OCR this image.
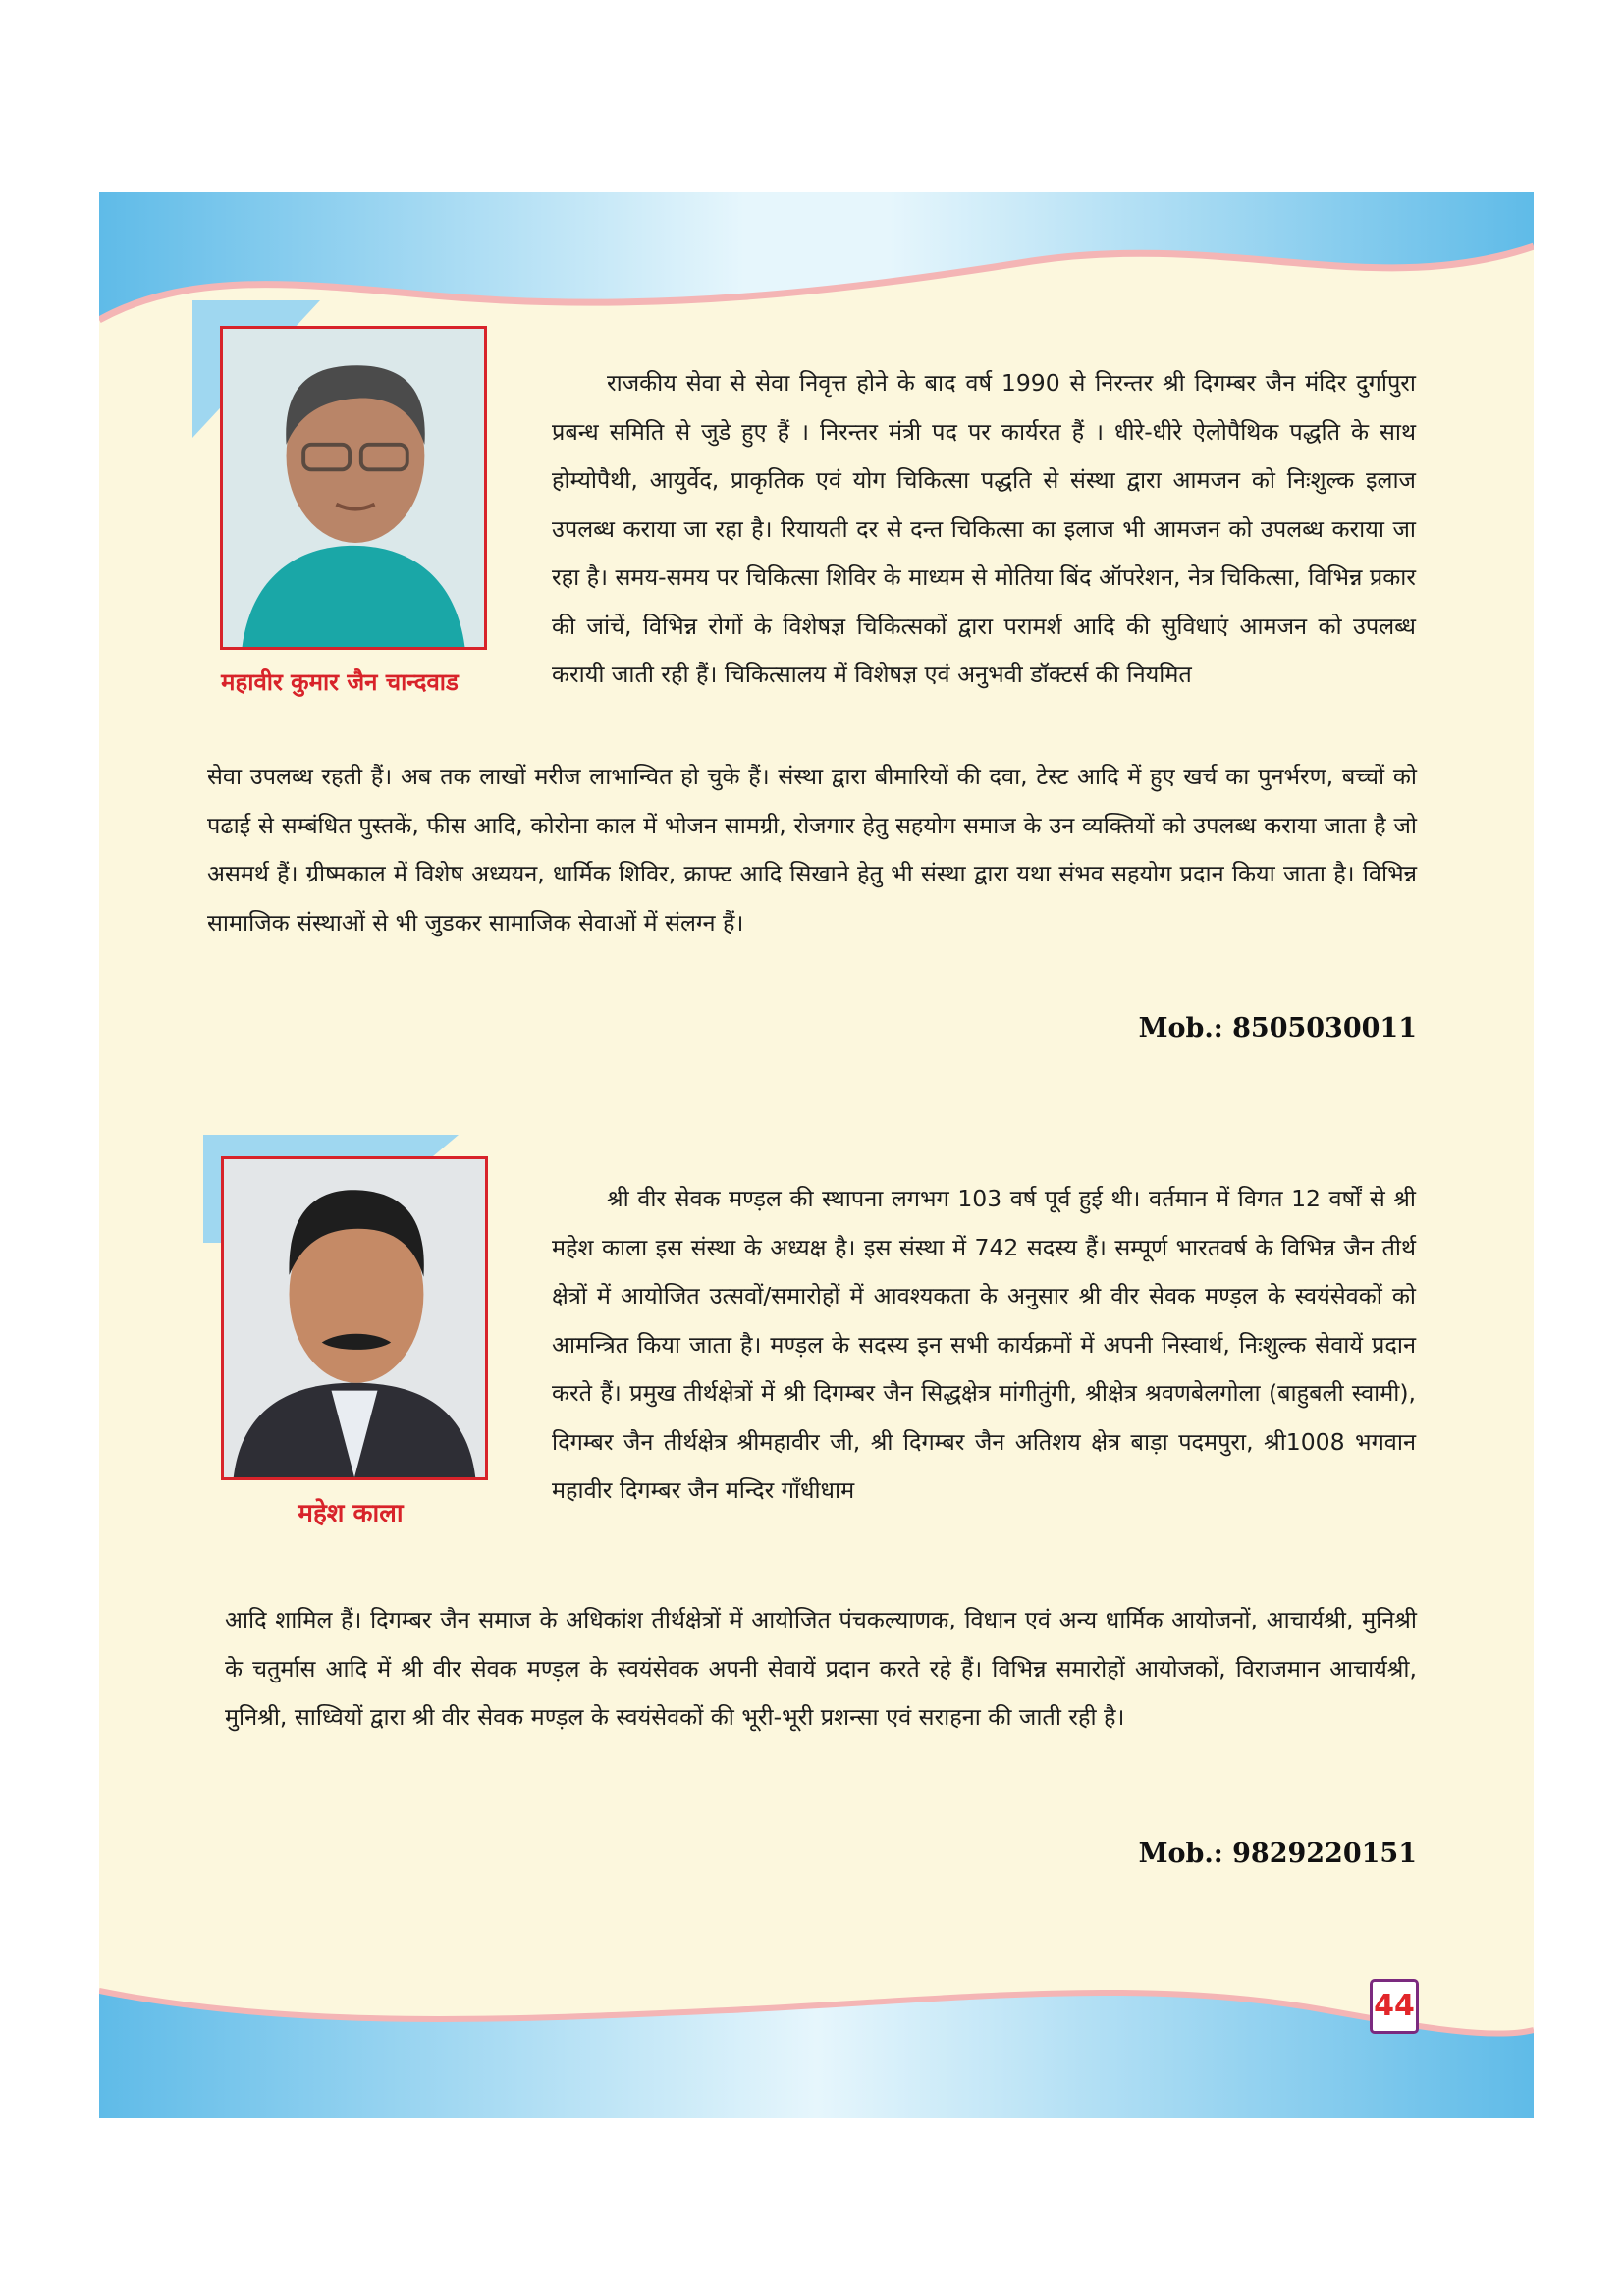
महावीर कुमार जैन चान्दवाड
राजकीय सेवा से सेवा निवृत्त होने के बाद वर्ष 1990 से निरन्तर श्री दिगम्बर जैन मंदिर दुर्गापुरा प्रबन्ध समिति से जुडे हुए हैं । निरन्तर मंत्री पद पर कार्यरत हैं । धीरे-धीरे ऐलोपैथिक पद्धति के साथ होम्योपैथी, आयुर्वेद, प्राकृतिक एवं योग चिकित्सा पद्धति से संस्था द्वारा आमजन को निःशुल्क इलाज उपलब्ध कराया जा रहा है। रियायती दर से दन्त चिकित्सा का इलाज भी आमजन को उपलब्ध कराया जा रहा है। समय-समय पर चिकित्सा शिविर के माध्यम से मोतिया बिंद ऑपरेशन, नेत्र चिकित्सा, विभिन्न प्रकार की जांचें, विभिन्न रोगों के विशेषज्ञ चिकित्सकों द्वारा परामर्श आदि की सुविधाएं आमजन को उपलब्ध करायी जाती रही हैं। चिकित्सालय में विशेषज्ञ एवं अनुभवी डॉक्टर्स की नियमित
सेवा उपलब्ध रहती हैं। अब तक लाखों मरीज लाभान्वित हो चुके हैं। संस्था द्वारा बीमारियों की दवा, टेस्ट आदि में हुए खर्च का पुनर्भरण, बच्चों को पढाई से सम्बंधित पुस्तकें, फीस आदि, कोरोना काल में भोजन सामग्री, रोजगार हेतु सहयोग समाज के उन व्यक्तियों को उपलब्ध कराया जाता है जो असमर्थ हैं। ग्रीष्मकाल में विशेष अध्ययन, धार्मिक शिविर, क्राफ्ट आदि सिखाने हेतु भी संस्था द्वारा यथा संभव सहयोग प्रदान किया जाता है। विभिन्न सामाजिक संस्थाओं से भी जुडकर सामाजिक सेवाओं में संलग्न हैं।
Mob.: 8505030011
महेश काला
श्री वीर सेवक मण्ड़ल की स्थापना लगभग 103 वर्ष पूर्व हुई थी। वर्तमान में विगत 12 वर्षों से श्री महेश काला इस संस्था के अध्यक्ष है। इस संस्था में 742 सदस्य हैं। सम्पूर्ण भारतवर्ष के विभिन्न जैन तीर्थ क्षेत्रों में आयोजित उत्सवों/समारोहों में आवश्यकता के अनुसार श्री वीर सेवक मण्ड़ल के स्वयंसेवकों को आमन्त्रित किया जाता है। मण्ड़ल के सदस्य इन सभी कार्यक्रमों में अपनी निस्वार्थ, निःशुल्क सेवायें प्रदान करते हैं। प्रमुख तीर्थक्षेत्रों में श्री दिगम्बर जैन सिद्धक्षेत्र मांगीतुंगी, श्रीक्षेत्र श्रवणबेलगोला (बाहुबली स्वामी), दिगम्बर जैन तीर्थक्षेत्र श्रीमहावीर जी, श्री दिगम्बर जैन अतिशय क्षेत्र बाड़ा पदमपुरा, श्री1008 भगवान महावीर दिगम्बर जैन मन्दिर गाँधीधाम
आदि शामिल हैं। दिगम्बर जैन समाज के अधिकांश तीर्थक्षेत्रों में आयोजित पंचकल्याणक, विधान एवं अन्य धार्मिक आयोजनों, आचार्यश्री, मुनिश्री के चतुर्मास आदि में श्री वीर सेवक मण्ड़ल के स्वयंसेवक अपनी सेवायें प्रदान करते रहे हैं। विभिन्न समारोहों आयोजकों, विराजमान आचार्यश्री, मुनिश्री, साध्वियों द्वारा श्री वीर सेवक मण्ड़ल के स्वयंसेवकों की भूरी-भूरी प्रशन्सा एवं सराहना की जाती रही है।
Mob.: 9829220151
44
